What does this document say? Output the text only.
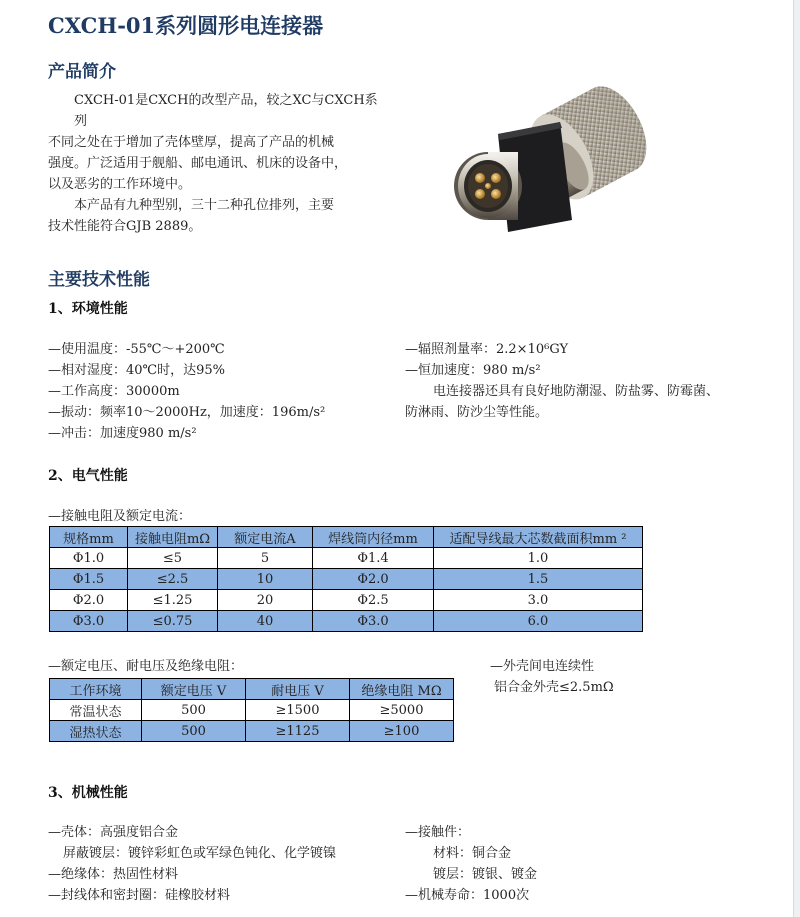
CXCH-01系列圆形电连接器
产品简介
CXCH-01是CXCH的改型产品，较之XC与CXCH系列
不同之处在于增加了壳体壁厚，提高了产品的机械
强度。广泛适用于舰船、邮电通讯、机床的设备中，
以及恶劣的工作环境中。
本产品有九种型别，三十二种孔位排列，主要
技术性能符合GJB 2889。
主要技术性能
1、环境性能
—使用温度：-55℃～+200℃
—相对湿度：40℃时，达95%
—工作高度：30000m
—振动：频率10～2000Hz，加速度：196m/s²
—冲击：加速度980 m/s²
—辐照剂量率：2.2×10⁶GY
—恒加速度：980 m/s²
电连接器还具有良好地防潮湿、防盐雾、防霉菌、
防淋雨、防沙尘等性能。
2、电气性能
—接触电阻及额定电流：
规格mm	接触电阻mΩ	额定电流A	焊线筒内径mm	适配导线最大芯数截面积mm ²
Φ1.0	≤5	5	Φ1.4	1.0
Φ1.5	≤2.5	10	Φ2.0	1.5
Φ2.0	≤1.25	20	Φ2.5	3.0
Φ3.0	≤0.75	40	Φ3.0	6.0
—额定电压、耐电压及绝缘电阻：
工作环境	额定电压 V	耐电压 V	绝缘电阻 MΩ
常温状态	500	≥1500	≥5000
湿热状态	500	≥1125	≥100
—外壳间电连续性
铝合金外壳≤2.5mΩ
3、机械性能
—壳体：高强度铝合金
屏蔽镀层：镀锌彩虹色或军绿色钝化、化学镀镍
—绝缘体：热固性材料
—封线体和密封圈：硅橡胶材料
—接触件：
材料：铜合金
镀层：镀银、镀金
—机械寿命：1000次
